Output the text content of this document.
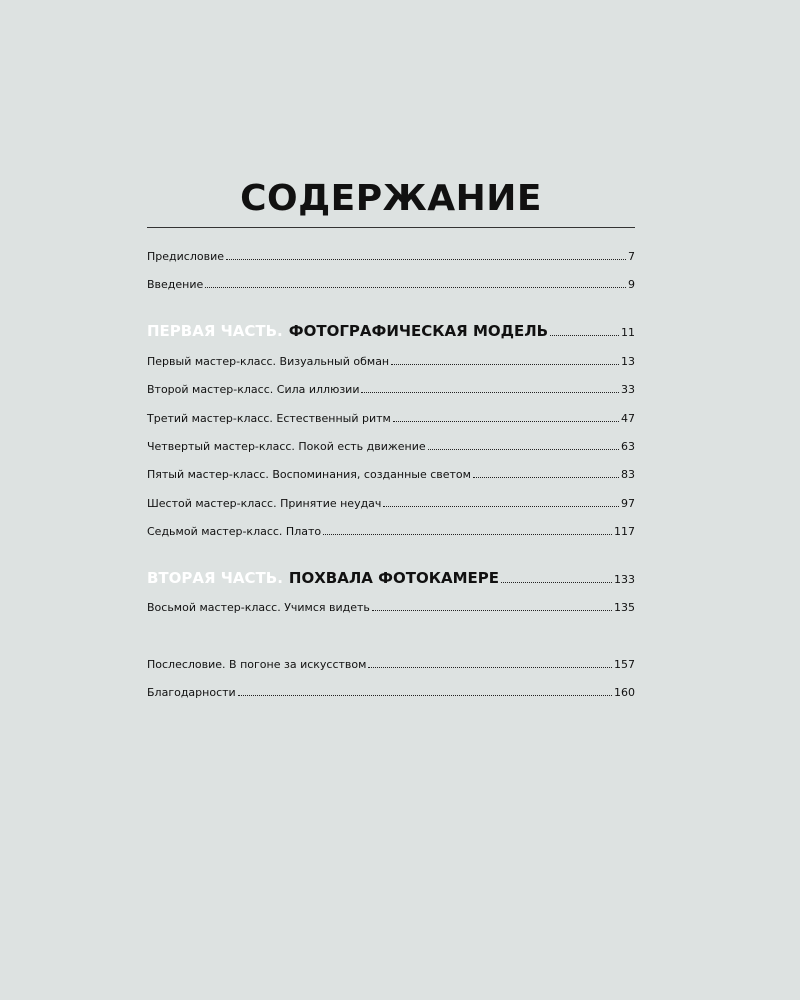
СОДЕРЖАНИЕ
Предисловие	7
Введение	9
ПЕРВАЯ ЧАСТЬ. ФОТОГРАФИЧЕСКАЯ МОДЕЛЬ	11
Первый мастер-класс. Визуальный обман	13
Второй мастер-класс. Сила иллюзии	33
Третий мастер-класс. Естественный ритм	47
Четвертый мастер-класс. Покой есть движение	63
Пятый мастер-класс. Воспоминания, созданные светом	83
Шестой мастер-класс. Принятие неудач	97
Седьмой мастер-класс. Плато	117
ВТОРАЯ ЧАСТЬ. ПОХВАЛА ФОТОКАМЕРЕ	133
Восьмой мастер-класс. Учимся видеть	135
Послесловие. В погоне за искусством	157
Благодарности	160
